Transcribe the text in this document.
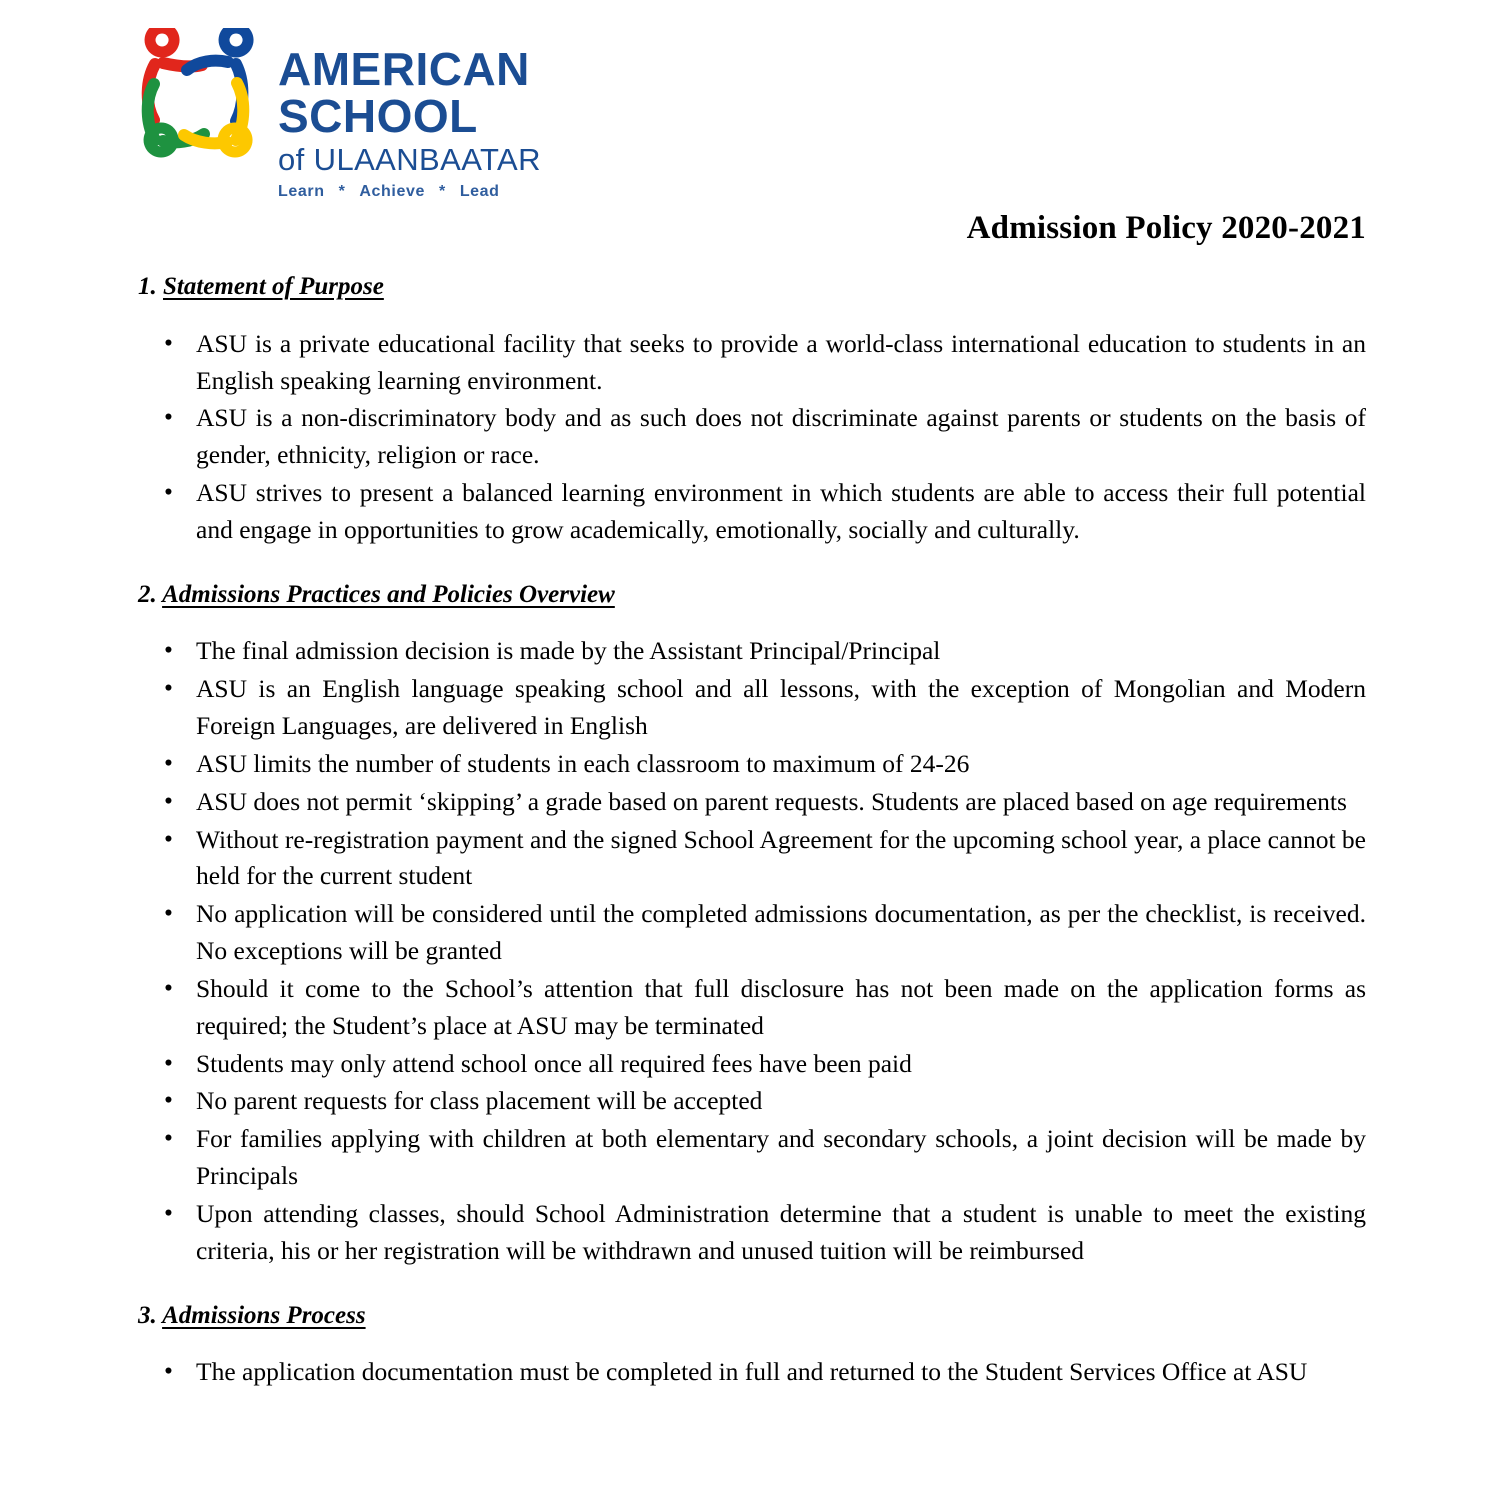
AMERICAN
SCHOOL
of ULAANBAATAR
Learn * Achieve * Lead
Admission Policy 2020-2021
1. Statement of Purpose
• ASU is a private educational facility that seeks to provide a world-class international education to students in an English speaking learning environment.
• ASU is a non-discriminatory body and as such does not discriminate against parents or students on the basis of gender, ethnicity, religion or race.
• ASU strives to present a balanced learning environment in which students are able to access their full potential and engage in opportunities to grow academically, emotionally, socially and culturally.
2. Admissions Practices and Policies Overview
• The final admission decision is made by the Assistant Principal/Principal
• ASU is an English language speaking school and all lessons, with the exception of Mongolian and Modern Foreign Languages, are delivered in English
• ASU limits the number of students in each classroom to maximum of 24-26
• ASU does not permit ‘skipping’ a grade based on parent requests. Students are placed based on age requirements
• Without re-registration payment and the signed School Agreement for the upcoming school year, a place cannot be held for the current student
• No application will be considered until the completed admissions documentation, as per the checklist, is received. No exceptions will be granted
• Should it come to the School’s attention that full disclosure has not been made on the application forms as required; the Student’s place at ASU may be terminated
• Students may only attend school once all required fees have been paid
• No parent requests for class placement will be accepted
• For families applying with children at both elementary and secondary schools, a joint decision will be made by Principals
• Upon attending classes, should School Administration determine that a student is unable to meet the existing criteria, his or her registration will be withdrawn and unused tuition will be reimbursed
3. Admissions Process
• The application documentation must be completed in full and returned to the Student Services Office at ASU
